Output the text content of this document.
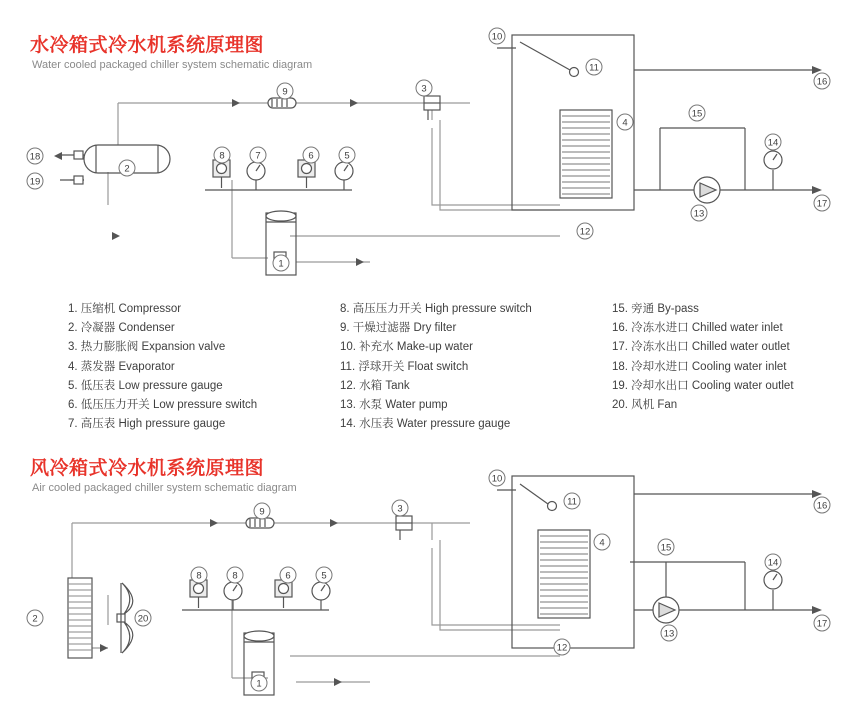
水冷箱式冷水机系统原理图
Water cooled packaged chiller system schematic diagram
1
2
3
4
5
6
7
8
9
10
11
12
13
14
15
16
17
18
19
1. 压缩机 Compressor
2. 冷凝器 Condenser
3. 热力膨胀阀 Expansion valve
4. 蒸发器 Evaporator
5. 低压表 Low pressure gauge
6. 低压压力开关 Low pressure switch
7. 高压表 High pressure gauge
8. 高压压力开关 High pressure switch
9. 干燥过滤器 Dry filter
10. 补充水 Make-up water
11. 浮球开关 Float switch
12. 水箱 Tank
13. 水泵 Water pump
14. 水压表 Water pressure gauge
15. 旁通 By-pass
16. 冷冻水进口 Chilled water inlet
17. 冷冻水出口 Chilled water outlet
18. 冷却水进口 Cooling water inlet
19. 冷却水出口 Cooling water outlet
20. 风机 Fan
风冷箱式冷水机系统原理图
Air cooled packaged chiller system schematic diagram
1
2	20
3
4
5
6
8
8
9
10
11
12
13
14
15
16
17
